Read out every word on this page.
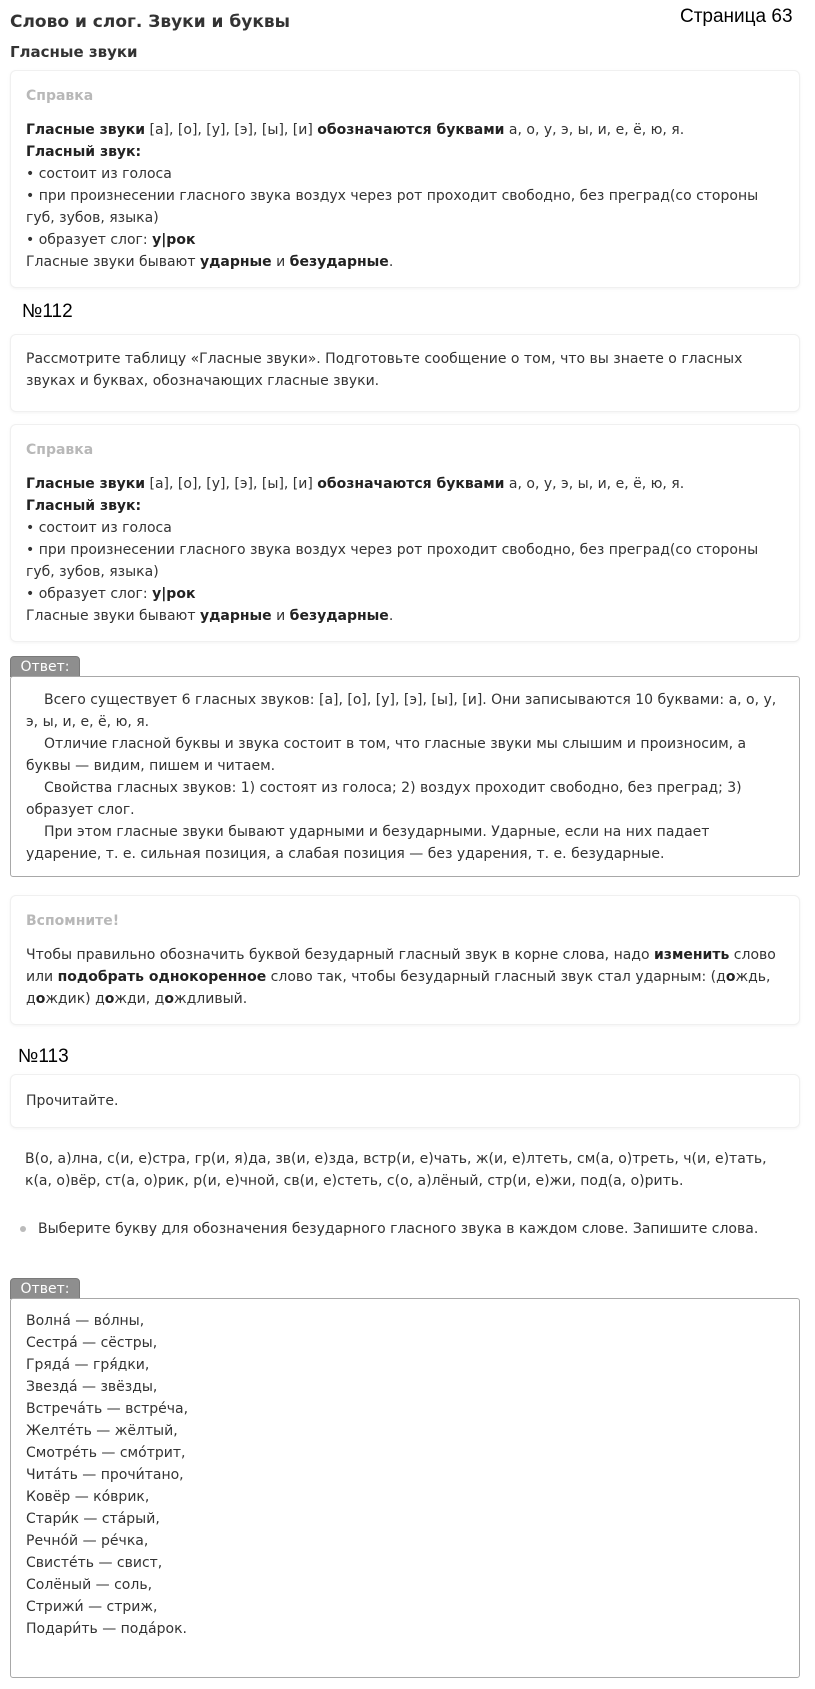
Слово и слог. Звуки и буквы	Страница 63
Гласные звуки
Справка

Гласные звуки [а], [о], [у], [э], [ы], [и] обозначаются буквами а, о, у, э, ы, и, е, ё, ю, я.

Гласный звук:

• состоит из голоса

• при произнесении гласного звука воздух через рот проходит свободно, без преград(со стороны губ, зубов, языка)

• образует слог: у|рок

Гласные звуки бывают ударные и безударные.

№112

Рассмотрите таблицу «Гласные звуки». Подготовьте сообщение о том, что вы знаете о гласных звуках и буквах, обозначающих гласные звуки.

Справка

Гласные звуки [а], [о], [у], [э], [ы], [и] обозначаются буквами а, о, у, э, ы, и, е, ё, ю, я.

Гласный звук:

• состоит из голоса

• при произнесении гласного звука воздух через рот проходит свободно, без преград(со стороны губ, зубов, языка)

• образует слог: у|рок

Гласные звуки бывают ударные и безударные.

Ответ:

Всего существует 6 гласных звуков: [а], [о], [у], [э], [ы], [и]. Они записываются 10 буквами: а, о, у, э, ы, и, е, ё, ю, я.

Отличие гласной буквы и звука состоит в том, что гласные звуки мы слышим и произносим, а буквы — видим, пишем и читаем.

Свойства гласных звуков: 1) состоят из голоса; 2) воздух проходит свободно, без преград; 3) образует слог.

При этом гласные звуки бывают ударными и безударными. Ударные, если на них падает ударение, т. е. сильная позиция, а слабая позиция — без ударения, т. е. безударные.

Вспомните!

Чтобы правильно обозначить буквой безударный гласный звук в корне слова, надо изменить слово или подобрать однокоренное слово так, чтобы безударный гласный звук стал ударным: (дождь, дождик) дожди, дождливый.

№113

Прочитайте.

В(о, а)лна, с(и, е)стра, гр(и, я)да, зв(и, е)зда, встр(и, е)чать, ж(и, е)лтеть, см(а, о)треть, ч(и, е)тать, к(а, о)вёр, ст(а, о)рик, р(и, е)чной, св(и, е)стеть, с(о, а)лёный, стр(и, е)жи, под(а, о)рить.
Выберите букву для обозначения безударного гласного звука в каждом слове. Запишите слова.
Ответ:
Волна́ — во́лны,
Сестра́ — сёстры,
Гряда́ — гря́дки,
Звезда́ — звёзды,
Встреча́ть — встре́ча,
Желте́ть — жёлтый,
Смотре́ть — смо́трит,
Чита́ть — прочи́тано,
Ковёр — ко́врик,
Стари́к — ста́рый,
Речно́й — ре́чка,
Свисте́ть — свист,
Солёный — соль,
Стрижи́ — стриж,
Подари́ть — пода́рок.
